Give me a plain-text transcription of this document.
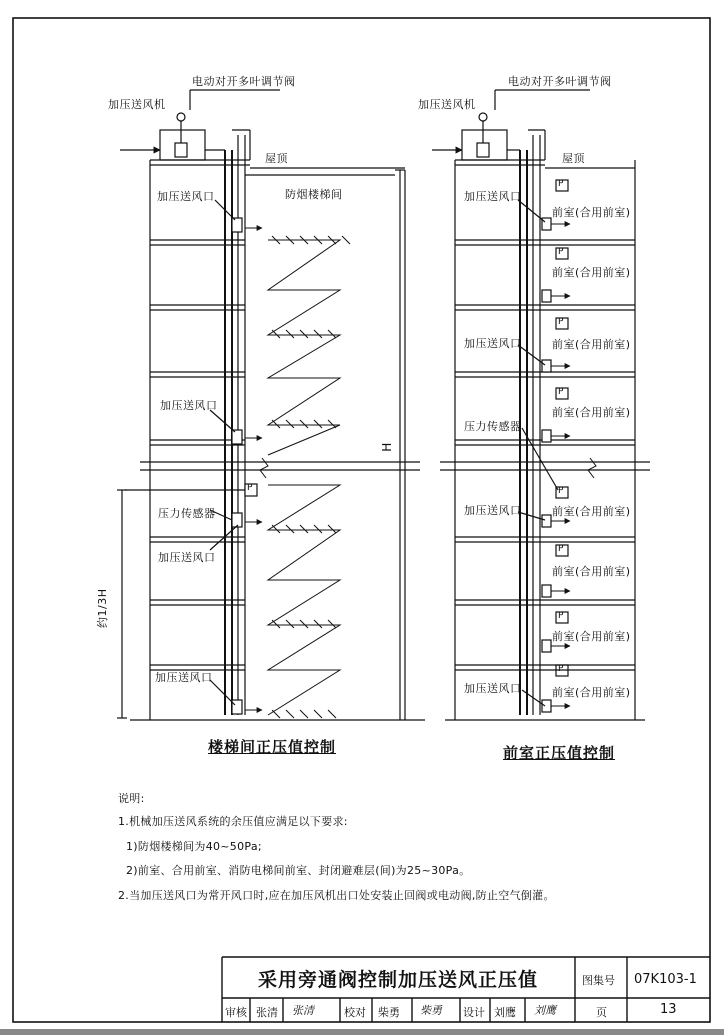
加压送风机
电动对开多叶调节阀
屋顶
防烟楼梯间
加压送风口
加压送风口
压力传感器
加压送风口
加压送风口
P
H
约1/3H
楼梯间正压值控制
加压送风机
电动对开多叶调节阀
屋顶
加压送风口
加压送风口
压力传感器
加压送风口
加压送风口
前室(合用前室)
前室(合用前室)
前室(合用前室)
前室(合用前室)
前室(合用前室)
前室(合用前室)
前室(合用前室)
前室(合用前室)
P
P
P
P
P
P
P
P
前室正压值控制
说明:
1.机械加压送风系统的余压值应满足以下要求:
1)防烟楼梯间为40~50Pa;
2)前室、合用前室、消防电梯间前室、封闭避难层(间)为25~30Pa。
2.当加压送风口为常开风口时,应在加压风机出口处安装止回阀或电动阀,防止空气倒灌。
采用旁通阀控制加压送风正压值	图集号 07K103-1
审核 张清 张清	校对 柴勇 柴勇 设计 刘鹰 刘鹰	页	13
